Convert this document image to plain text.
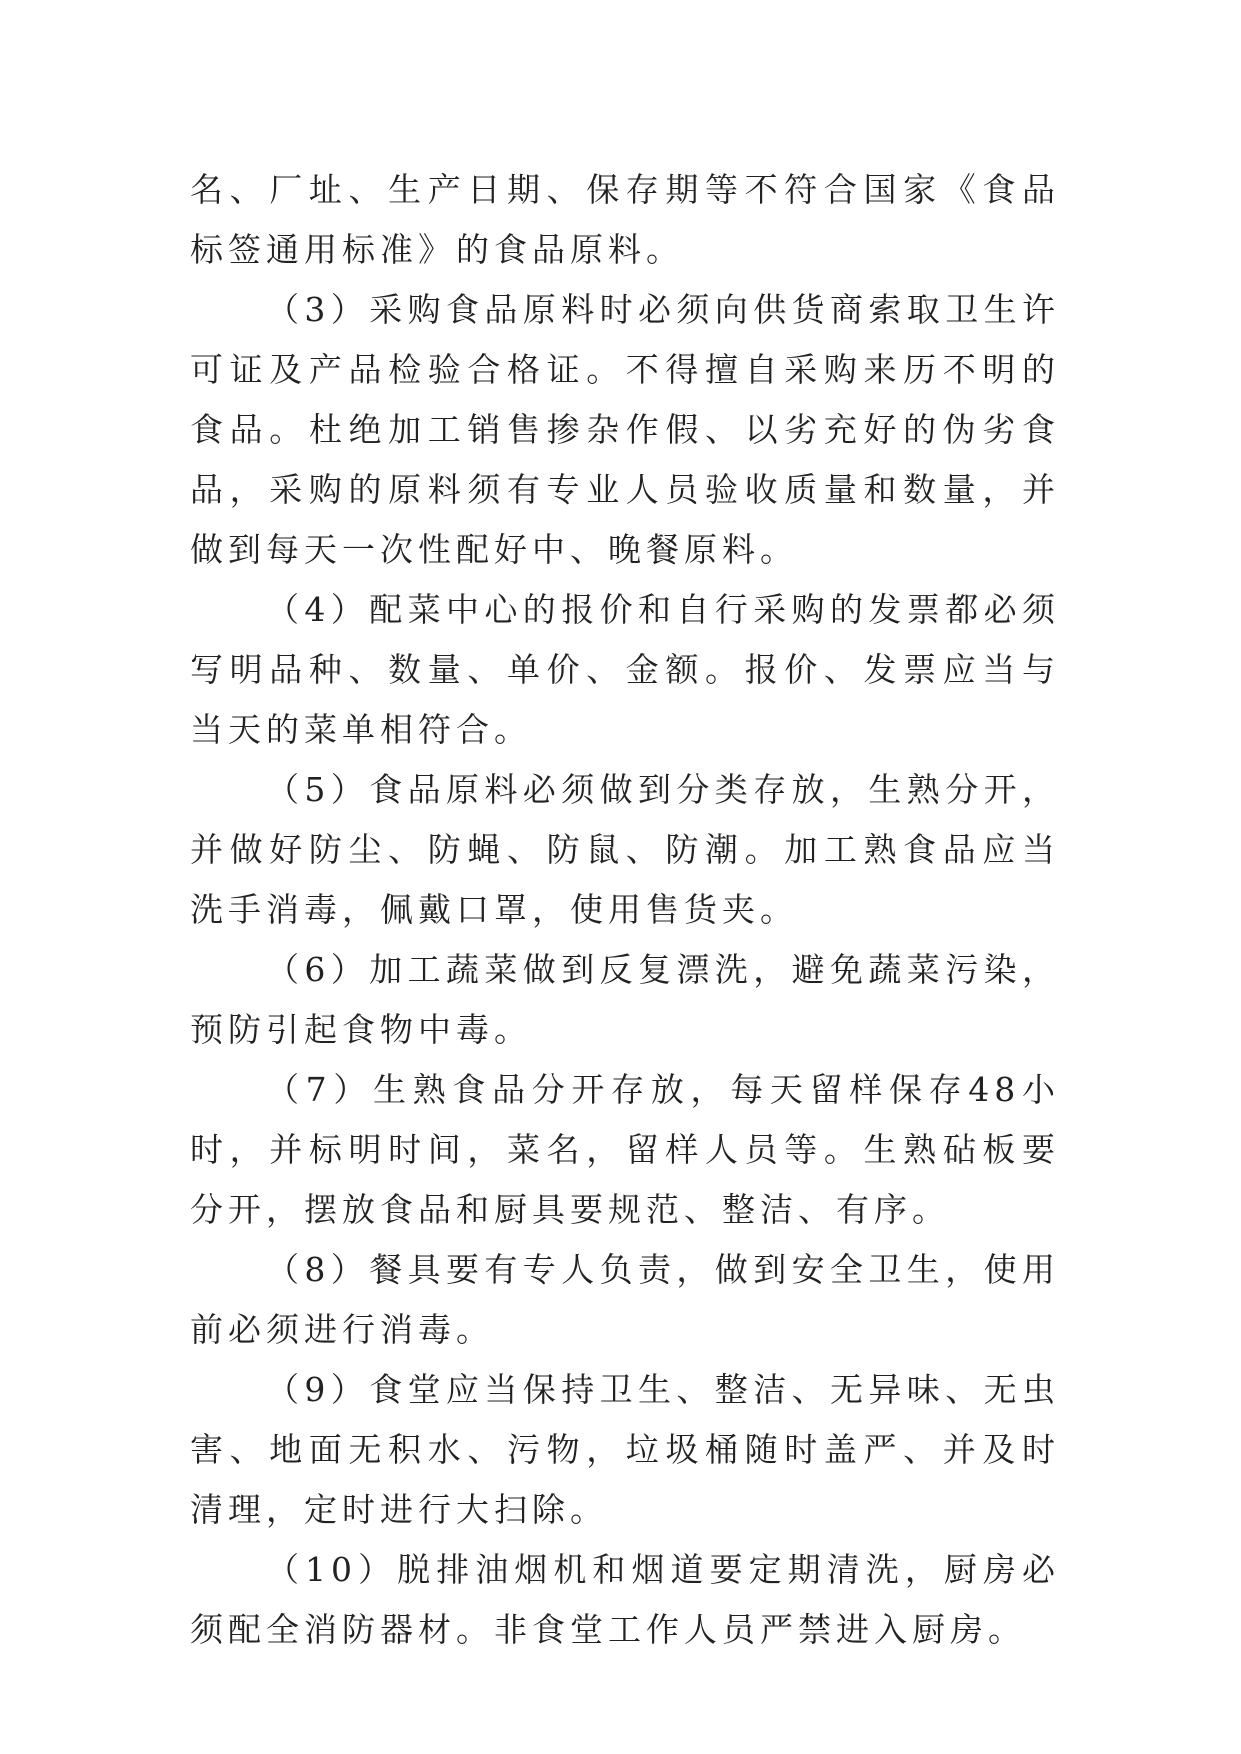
名、厂址、生产日期、保存期等不符合国家《食品标签通用标准》的食品原料。

（3）采购食品原料时必须向供货商索取卫生许可证及产品检验合格证。不得擅自采购来历不明的食品。杜绝加工销售掺杂作假、以劣充好的伪劣食品，采购的原料须有专业人员验收质量和数量，并做到每天一次性配好中、晚餐原料。

（4）配菜中心的报价和自行采购的发票都必须写明品种、数量、单价、金额。报价、发票应当与当天的菜单相符合。

（5）食品原料必须做到分类存放，生熟分开，并做好防尘、防蝇、防鼠、防潮。加工熟食品应当洗手消毒，佩戴口罩，使用售货夹。

（6）加工蔬菜做到反复漂洗，避免蔬菜污染，预防引起食物中毒。

（7）生熟食品分开存放，每天留样保存48小时，并标明时间，菜名，留样人员等。生熟砧板要分开，摆放食品和厨具要规范、整洁、有序。

（8）餐具要有专人负责，做到安全卫生，使用前必须进行消毒。

（9）食堂应当保持卫生、整洁、无异味、无虫害、地面无积水、污物，垃圾桶随时盖严、并及时清理，定时进行大扫除。

（10）脱排油烟机和烟道要定期清洗，厨房必须配全消防器材。非食堂工作人员严禁进入厨房。
